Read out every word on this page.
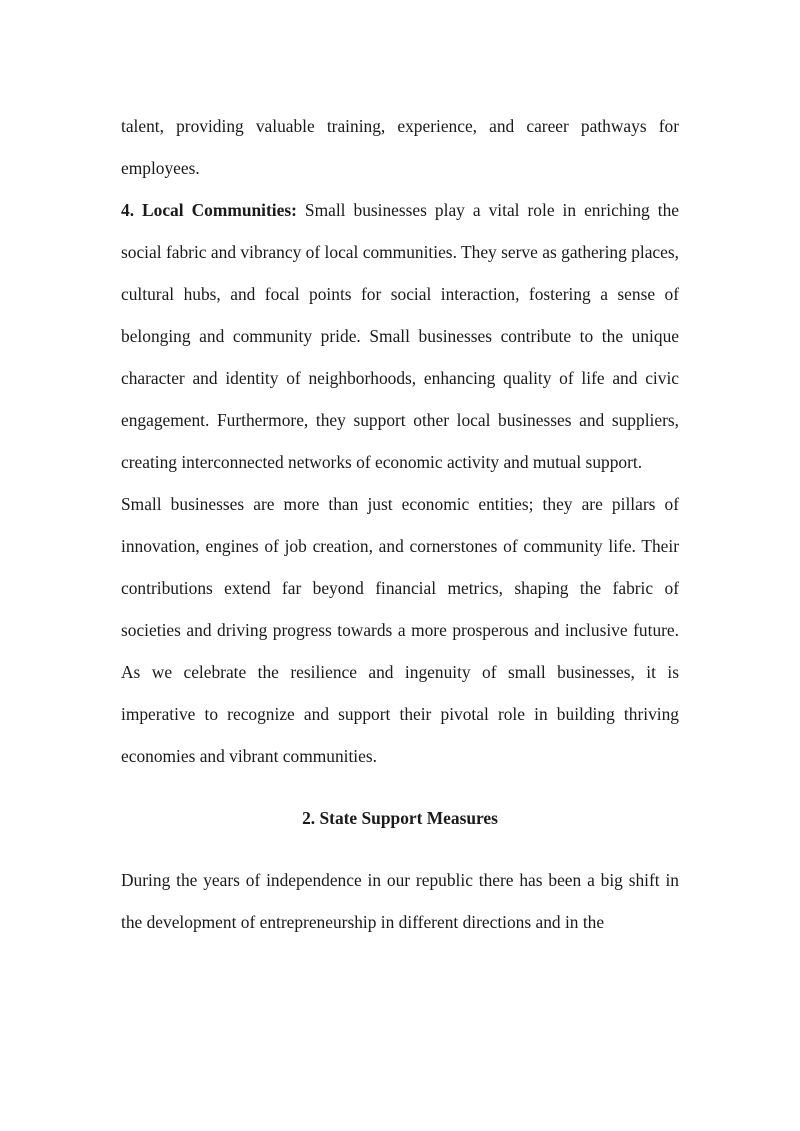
talent, providing valuable training, experience, and career pathways for employees.

4. Local Communities: Small businesses play a vital role in enriching the social fabric and vibrancy of local communities. They serve as gathering places, cultural hubs, and focal points for social interaction, fostering a sense of belonging and community pride. Small businesses contribute to the unique character and identity of neighborhoods, enhancing quality of life and civic engagement. Furthermore, they support other local businesses and suppliers, creating interconnected networks of economic activity and mutual support.

Small businesses are more than just economic entities; they are pillars of innovation, engines of job creation, and cornerstones of community life. Their contributions extend far beyond financial metrics, shaping the fabric of societies and driving progress towards a more prosperous and inclusive future. As we celebrate the resilience and ingenuity of small businesses, it is imperative to recognize and support their pivotal role in building thriving economies and vibrant communities.

2. State Support Measures

During the years of independence in our republic there has been a big shift in the development of entrepreneurship in different directions and in the
